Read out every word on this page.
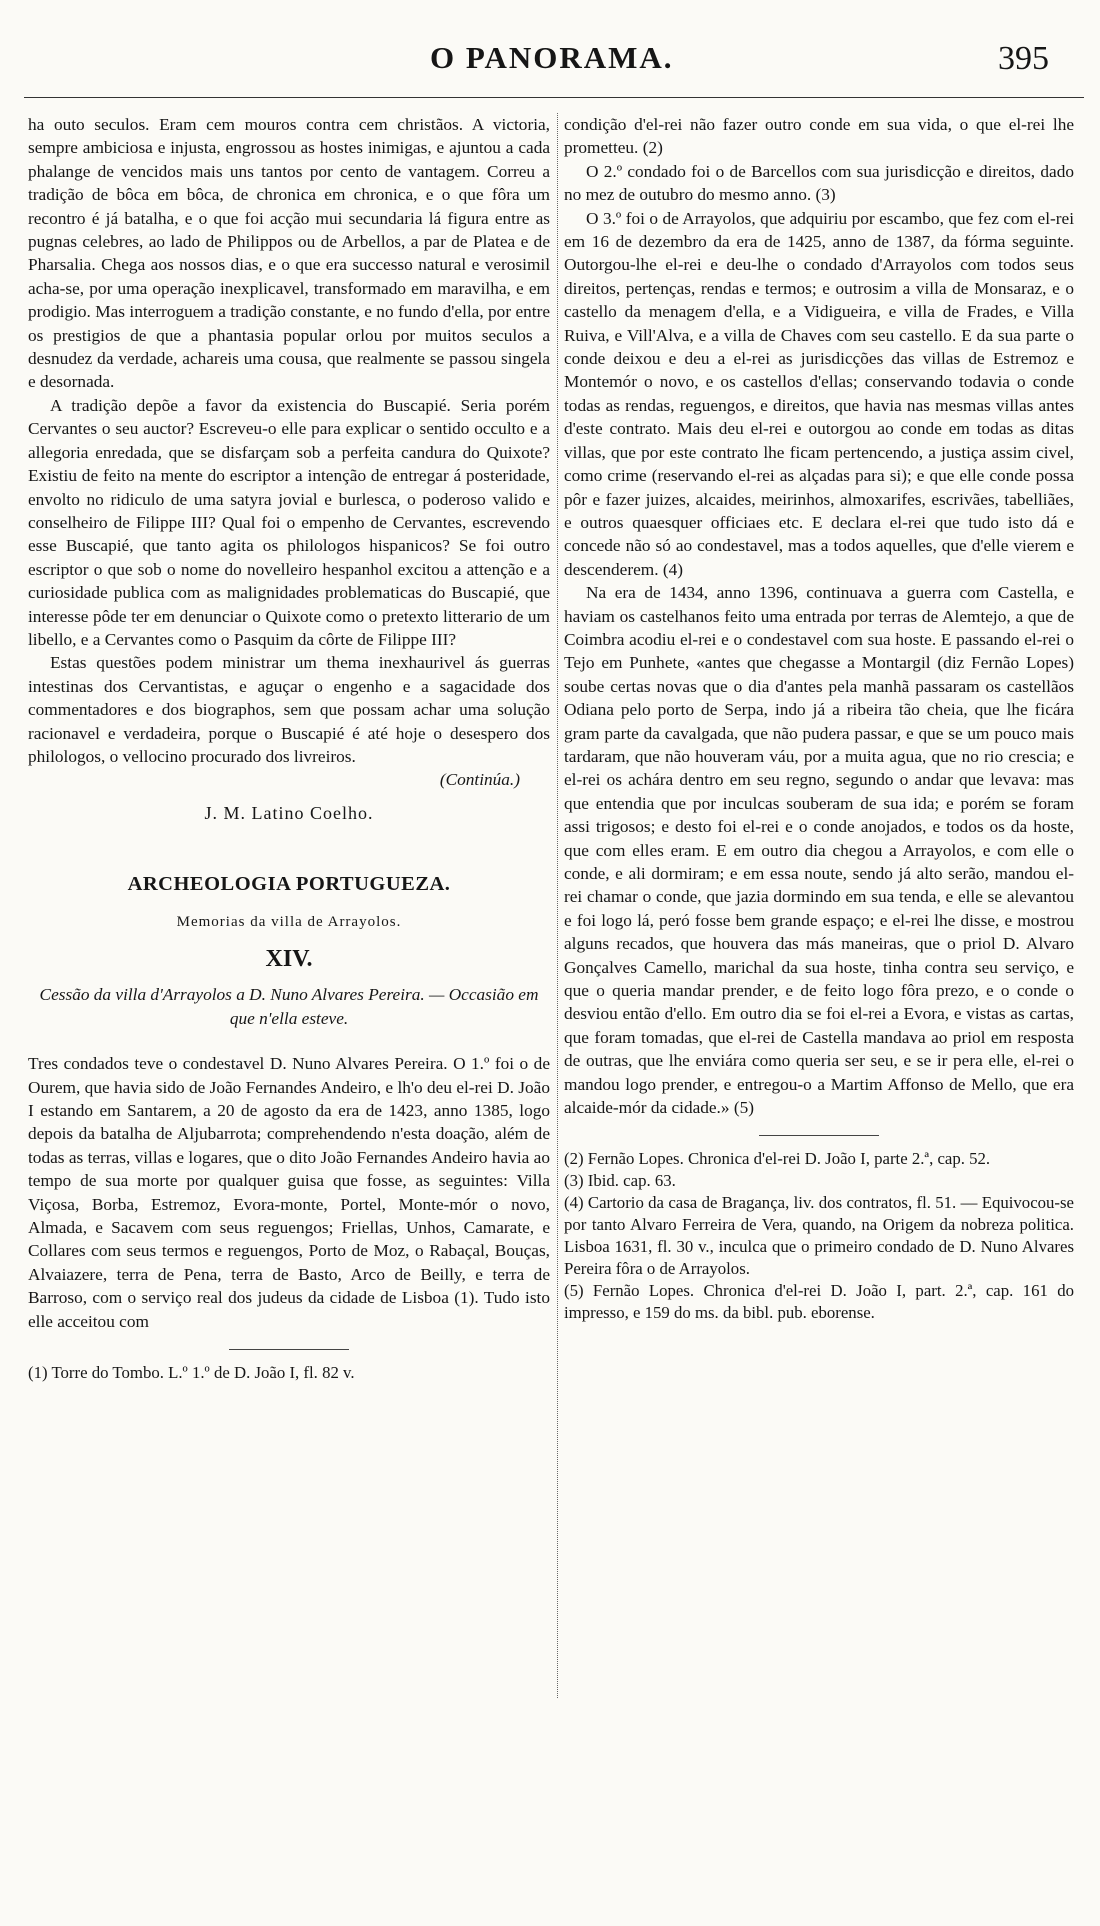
O PANORAMA.	395

ha outo seculos. Eram cem mouros contra cem christãos. A victoria, sempre ambiciosa e injusta, engrossou as hostes inimigas, e ajuntou a cada phalange de vencidos mais uns tantos por cento de vantagem. Correu a tradição de bôca em bôca, de chronica em chronica, e o que fôra um recontro é já batalha, e o que foi acção mui secundaria lá figura entre as pugnas celebres, ao lado de Philippos ou de Arbellos, a par de Platea e de Pharsalia. Chega aos nossos dias, e o que era successo natural e verosimil acha-se, por uma operação inexplicavel, transformado em maravilha, e em prodigio. Mas interroguem a tradição constante, e no fundo d'ella, por entre os prestigios de que a phantasia popular orlou por muitos seculos a desnudez da verdade, achareis uma cousa, que realmente se passou singela e desornada.

A tradição depõe a favor da existencia do Buscapié. Seria porém Cervantes o seu auctor? Escreveu-o elle para explicar o sentido occulto e a allegoria enredada, que se disfarçam sob a perfeita candura do Quixote? Existiu de feito na mente do escriptor a intenção de entregar á posteridade, envolto no ridiculo de uma satyra jovial e burlesca, o poderoso valido e conselheiro de Filippe III? Qual foi o empenho de Cervantes, escrevendo esse Buscapié, que tanto agita os philologos hispanicos? Se foi outro escriptor o que sob o nome do novelleiro hespanhol excitou a attenção e a curiosidade publica com as malignidades problematicas do Buscapié, que interesse pôde ter em denunciar o Quixote como o pretexto litterario de um libello, e a Cervantes como o Pasquim da côrte de Filippe III?

Estas questões podem ministrar um thema inexhaurivel ás guerras intestinas dos Cervantistas, e aguçar o engenho e a sagacidade dos commentadores e dos biographos, sem que possam achar uma solução racionavel e verdadeira, porque o Buscapié é até hoje o desespero dos philologos, o vellocino procurado dos livreiros.

(Continúa.)

J. M. Latino Coelho.

ARCHEOLOGIA PORTUGUEZA.

Memorias da villa de Arrayolos.

XIV.

Cessão da villa d'Arrayolos a D. Nuno Alvares Pereira. — Occasião em que n'ella esteve.

Tres condados teve o condestavel D. Nuno Alvares Pereira. O 1.º foi o de Ourem, que havia sido de João Fernandes Andeiro, e lh'o deu el-rei D. João I estando em Santarem, a 20 de agosto da era de 1423, anno 1385, logo depois da batalha de Aljubarrota; comprehendendo n'esta doação, além de todas as terras, villas e logares, que o dito João Fernandes Andeiro havia ao tempo de sua morte por qualquer guisa que fosse, as seguintes: Villa Viçosa, Borba, Estremoz, Evora-monte, Portel, Monte-mór o novo, Almada, e Sacavem com seus reguengos; Friellas, Unhos, Camarate, e Collares com seus termos e reguengos, Porto de Moz, o Rabaçal, Bouças, Alvaiazere, terra de Pena, terra de Basto, Arco de Beilly, e terra de Barroso, com o serviço real dos judeus da cidade de Lisboa (1). Tudo isto elle acceitou com

(1) Torre do Tombo. L.º 1.º de D. João I, fl. 82 v.

condição d'el-rei não fazer outro conde em sua vida, o que el-rei lhe prometteu. (2)

O 2.º condado foi o de Barcellos com sua jurisdicção e direitos, dado no mez de outubro do mesmo anno. (3)

O 3.º foi o de Arrayolos, que adquiriu por escambo, que fez com el-rei em 16 de dezembro da era de 1425, anno de 1387, da fórma seguinte. Outorgou-lhe el-rei e deu-lhe o condado d'Arrayolos com todos seus direitos, pertenças, rendas e termos; e outrosim a villa de Monsaraz, e o castello da menagem d'ella, e a Vidigueira, e villa de Frades, e Villa Ruiva, e Vill'Alva, e a villa de Chaves com seu castello. E da sua parte o conde deixou e deu a el-rei as jurisdicções das villas de Estremoz e Montemór o novo, e os castellos d'ellas; conservando todavia o conde todas as rendas, reguengos, e direitos, que havia nas mesmas villas antes d'este contrato. Mais deu el-rei e outorgou ao conde em todas as ditas villas, que por este contrato lhe ficam pertencendo, a justiça assim civel, como crime (reservando el-rei as alçadas para si); e que elle conde possa pôr e fazer juizes, alcaides, meirinhos, almoxarifes, escrivães, tabelliães, e outros quaesquer officiaes etc. E declara el-rei que tudo isto dá e concede não só ao condestavel, mas a todos aquelles, que d'elle vierem e descenderem. (4)

Na era de 1434, anno 1396, continuava a guerra com Castella, e haviam os castelhanos feito uma entrada por terras de Alemtejo, a que de Coimbra acodiu el-rei e o condestavel com sua hoste. E passando el-rei o Tejo em Punhete, «antes que chegasse a Montargil (diz Fernão Lopes) soube certas novas que o dia d'antes pela manhã passaram os castellãos Odiana pelo porto de Serpa, indo já a ribeira tão cheia, que lhe ficára gram parte da cavalgada, que não pudera passar, e que se um pouco mais tardaram, que não houveram váu, por a muita agua, que no rio crescia; e el-rei os achára dentro em seu regno, segundo o andar que levava: mas que entendia que por inculcas souberam de sua ida; e porém se foram assi trigosos; e desto foi el-rei e o conde anojados, e todos os da hoste, que com elles eram. E em outro dia chegou a Arrayolos, e com elle o conde, e ali dormiram; e em essa noute, sendo já alto serão, mandou el-rei chamar o conde, que jazia dormindo em sua tenda, e elle se alevantou e foi logo lá, peró fosse bem grande espaço; e el-rei lhe disse, e mostrou alguns recados, que houvera das más maneiras, que o priol D. Alvaro Gonçalves Camello, marichal da sua hoste, tinha contra seu serviço, e que o queria mandar prender, e de feito logo fôra prezo, e o conde o desviou então d'ello. Em outro dia se foi el-rei a Evora, e vistas as cartas, que foram tomadas, que el-rei de Castella mandava ao priol em resposta de outras, que lhe enviára como queria ser seu, e se ir pera elle, el-rei o mandou logo prender, e entregou-o a Martim Affonso de Mello, que era alcaide-mór da cidade.» (5)

(2) Fernão Lopes. Chronica d'el-rei D. João I, parte 2.ª, cap. 52.

(3) Ibid. cap. 63.

(4) Cartorio da casa de Bragança, liv. dos contratos, fl. 51. — Equivocou-se por tanto Alvaro Ferreira de Vera, quando, na Origem da nobreza politica. Lisboa 1631, fl. 30 v., inculca que o primeiro condado de D. Nuno Alvares Pereira fôra o de Arrayolos.

(5) Fernão Lopes. Chronica d'el-rei D. João I, part. 2.ª, cap. 161 do impresso, e 159 do ms. da bibl. pub. eborense.
